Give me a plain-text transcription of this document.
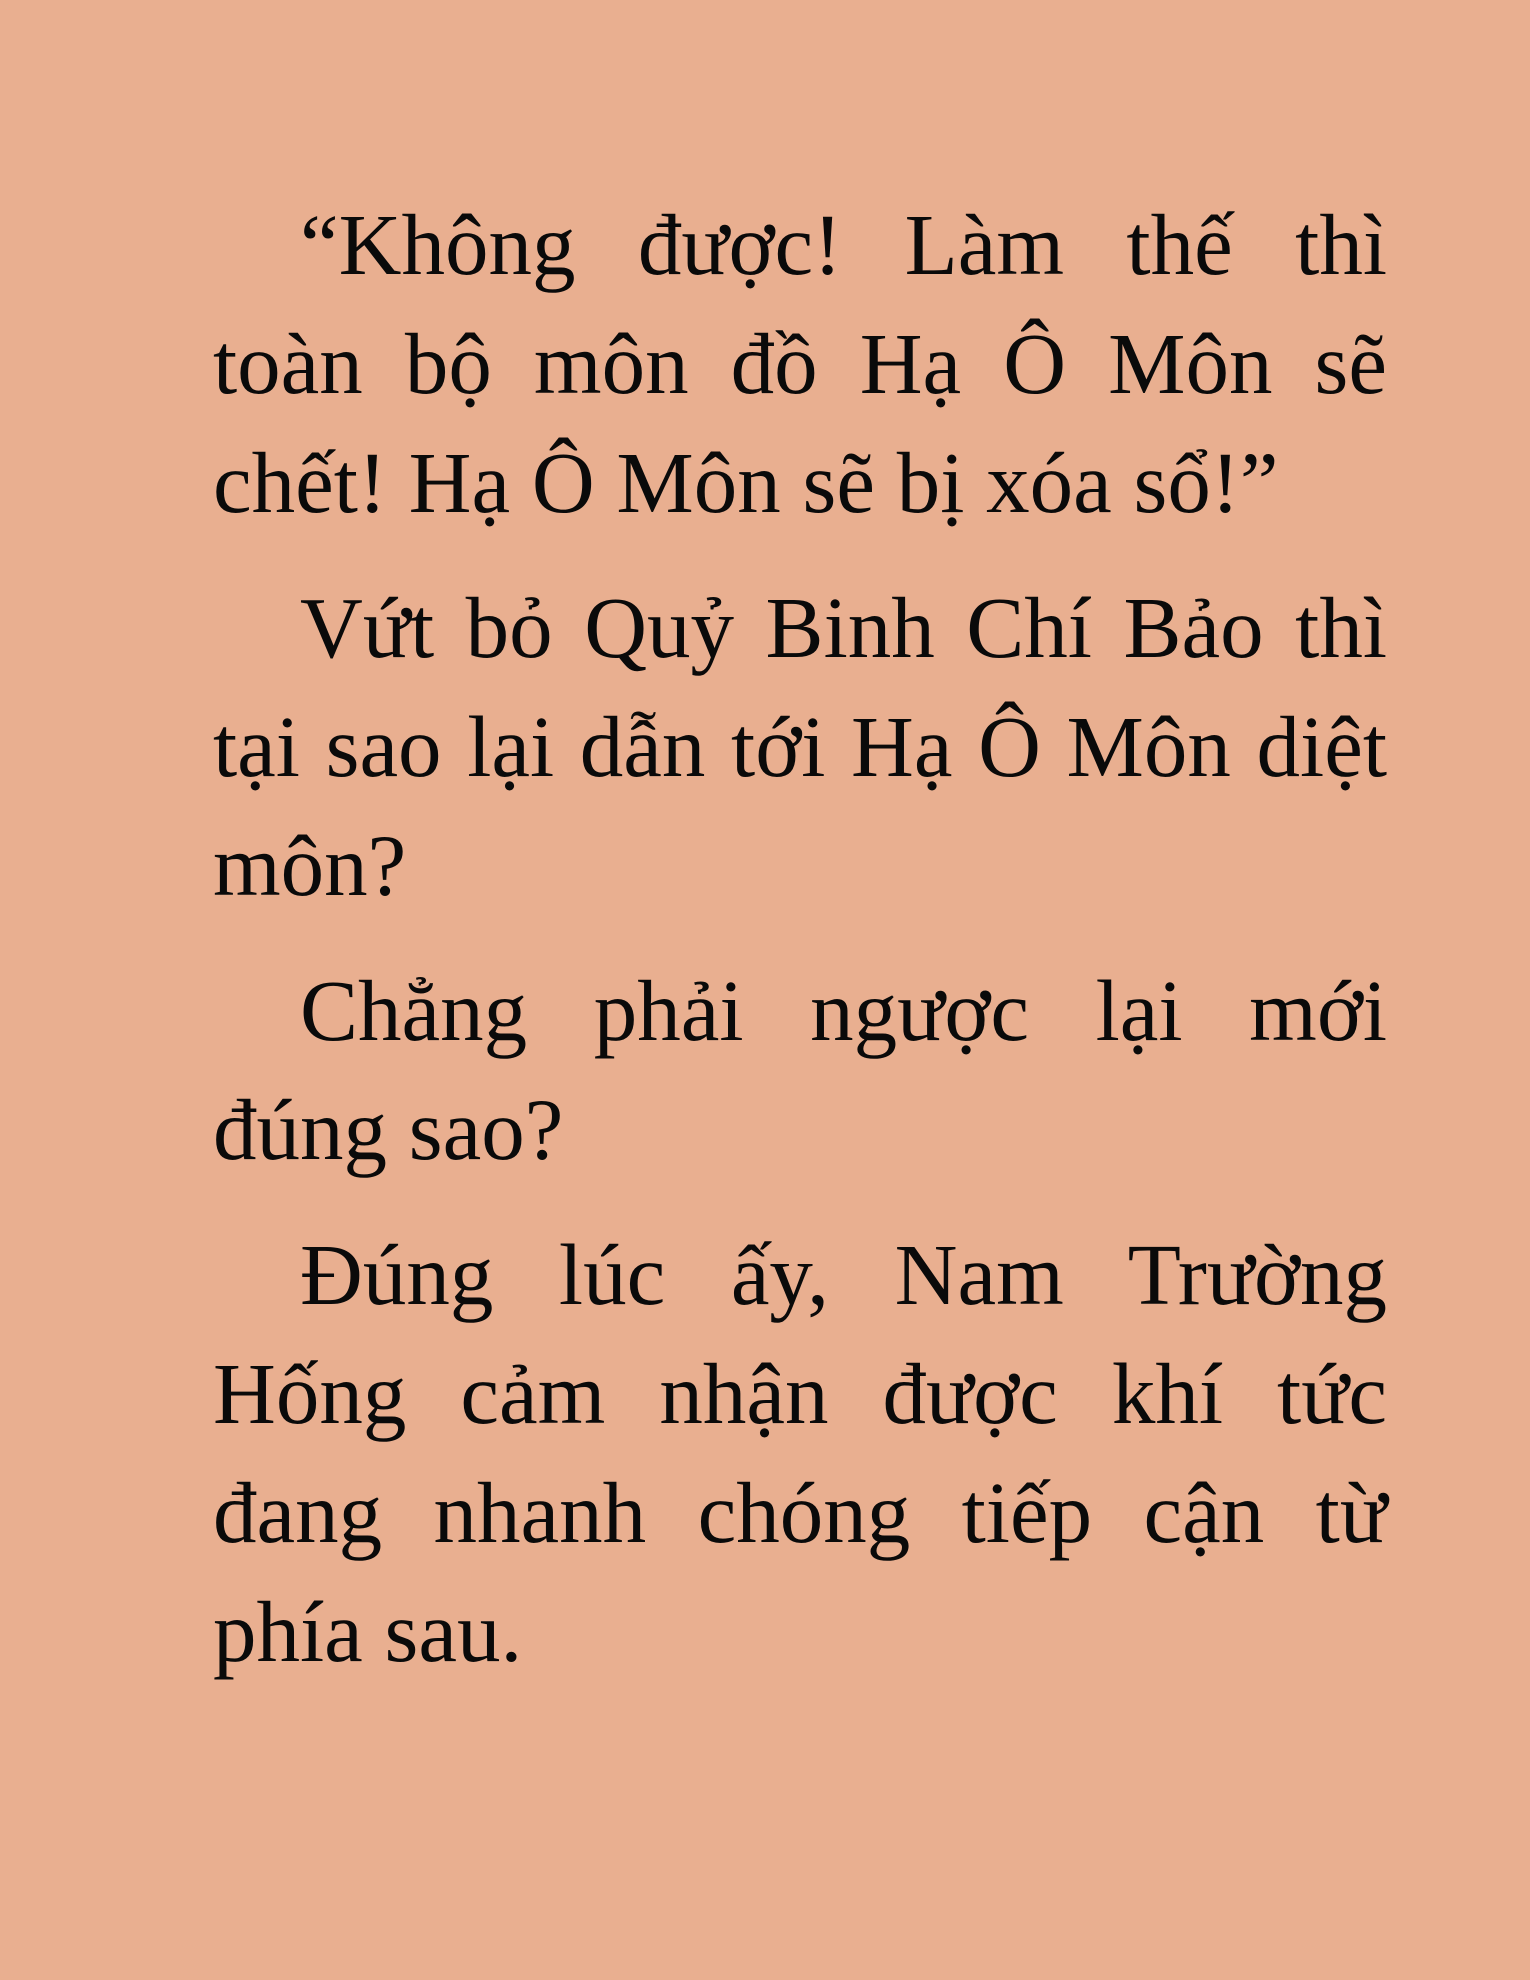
“Không được! Làm thế thì toàn bộ môn đồ Hạ Ô Môn sẽ chết! Hạ Ô Môn sẽ bị xóa sổ!”

Vứt bỏ Quỷ Binh Chí Bảo thì tại sao lại dẫn tới Hạ Ô Môn diệt môn?

Chẳng phải ngược lại mới đúng sao?

Đúng lúc ấy, Nam Trường Hống cảm nhận được khí tức đang nhanh chóng tiếp cận từ phía sau.
